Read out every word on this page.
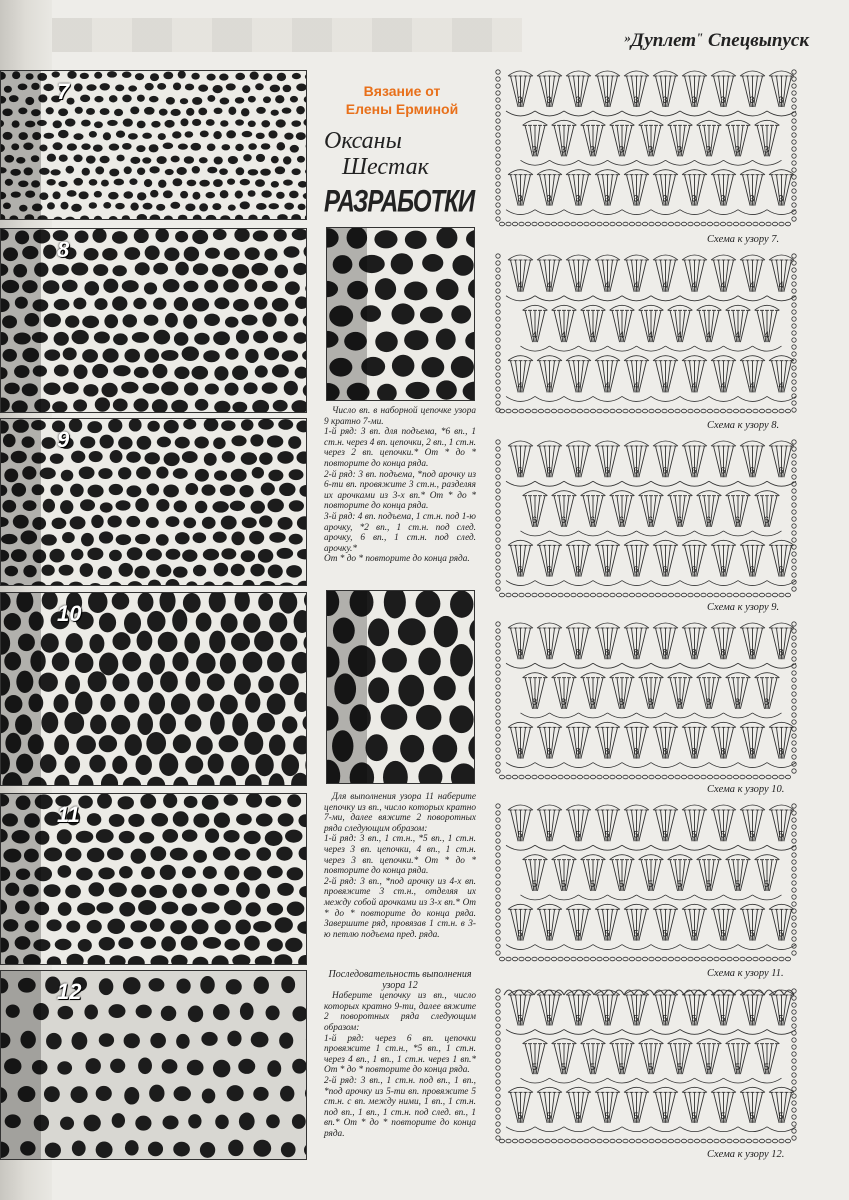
»Дуплет" Спецвыпуск
7
8
9
10
11
12
Вязание от
Елены Ерминой
Оксаны
Шестак
РАЗРАБОТКИ

Число вп. в наборной цепочке узора 9 кратно 7-ми.
1-й ряд: 3 вп. для подъема, *6 вп., 1 ст.н. через 4 вп. цепочки, 2 вп., 1 ст.н. через 2 вп. цепочки.* От * до * повторите до конца ряда.
2-й ряд: 3 вп. подъема, *под арочку из 6-ти вп. провяжите 3 ст.н., разделяя их арочками из 3-х вп.* От * до * повторите до конца ряда.
3-й ряд: 4 вп. подъема, 1 ст.н. под 1-ю арочку, *2 вп., 1 ст.н. под след. арочку, 6 вп., 1 ст.н. под след. арочку.*
От * до * повторите до конца ряда.

Для выполнения узора 11 наберите цепочку из вп., число которых кратно 7-ми, далее вяжите 2 поворотных ряда следующим образом:
1-й ряд: 3 вп., 1 ст.н., *5 вп., 1 ст.н. через 3 вп. цепочки, 4 вп., 1 ст.н. через 3 вп. цепочки.* От * до * повторите до конца ряда.
2-й ряд: 3 вп., *под арочку из 4-х вп. провяжите 3 ст.н., отделяя их между собой арочками из 3-х вп.* От * до * повторите до конца ряда. Завершите ряд, провязав 1 ст.н. в 3-ю петлю подъема пред. ряда.

Последовательность выполнения узора 12

Наберите цепочку из вп., число которых кратно 9-ти, далее вяжите 2 поворотных ряда следующим образом:
1-й ряд: через 6 вп. цепочки провяжите 1 ст.н., *5 вп., 1 ст.н. через 4 вп., 1 вп., 1 ст.н. через 1 вп.* От * до * повторите до конца ряда.
2-й ряд: 3 вп., 1 ст.н. под вп., 1 вп., *под арочку из 5-ти вп. провяжите 5 ст.н. с вп. между ними, 1 вп., 1 ст.н. под вп., 1 вп., 1 ст.н. под след. вп., 1 вп.* От * до * повторите до конца ряда.

3	3	3	3	3	3	3	3	3	3
3	3	3	3	3	3	3	3	3
3	3	3	3	3	3	3	3	3	3
Схема к узору 7.
4	4	4	4	4	4	4	4	4	4
4	4	4	4	4	4	4	4	4
4	4	4	4	4	4	4	4	4	4
Схема к узору 8.
6	6	6	6	6	6	6	6	6	6
6	6	6	6	6	6	6	6	6
6	6	6	6	6	6	6	6	6	6
Схема к узору 9.
8	8	8	8	8	8	8	8	8	8
8	8	8	8	8	8	8	8	8
8	8	8	8	8	8	8	8	8	8
Схема к узору 10.
5	5	5	5	5	5	5	5	5	5
5	5	5	5	5	5	5	5	5
5	5	5	5	5	5	5	5	5	5
Схема к узору 11.
5	5	5	5	5	5	5	5	5	5
5	5	5	5	5	5	5	5	5
5	5	5	5	5	5	5	5	5	5
Схема к узору 12.
